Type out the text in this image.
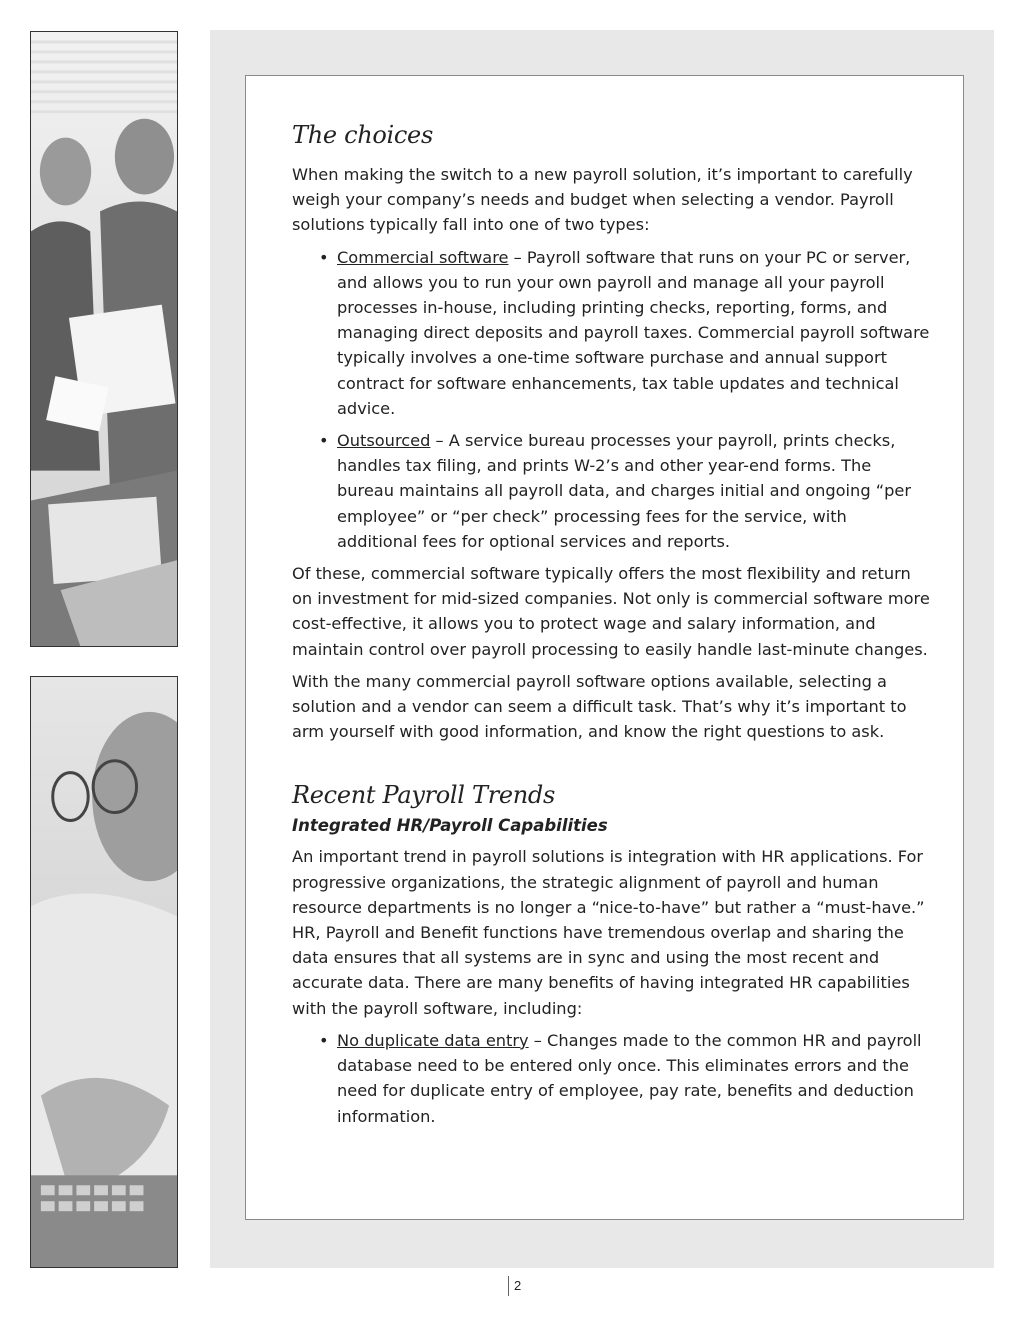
The choices

When making the switch to a new payroll solution, it’s important to carefully weigh your company’s needs and budget when selecting a vendor. Payroll solutions typically fall into one of two types:

• Commercial software – Payroll software that runs on your PC or server, and allows you to run your own payroll and manage all your payroll processes in-house, including printing checks, reporting, forms, and managing direct deposits and payroll taxes. Commercial payroll software typically involves a one-time software purchase and annual support contract for software enhancements, tax table updates and technical advice.
• Outsourced – A service bureau processes your payroll, prints checks, handles tax filing, and prints W-2’s and other year-end forms. The bureau maintains all payroll data, and charges initial and ongoing “per employee” or “per check” processing fees for the service, with additional fees for optional services and reports.

Of these, commercial software typically offers the most flexibility and return on investment for mid-sized companies. Not only is commercial software more cost-effective, it allows you to protect wage and salary information, and maintain control over payroll processing to easily handle last-minute changes.

With the many commercial payroll software options available, selecting a solution and a vendor can seem a difficult task. That’s why it’s important to arm yourself with good information, and know the right questions to ask.

Recent Payroll Trends
Integrated HR/Payroll Capabilities

An important trend in payroll solutions is integration with HR applications. For progressive organizations, the strategic alignment of payroll and human resource departments is no longer a “nice-to-have” but rather a “must-have.” HR, Payroll and Benefit functions have tremendous overlap and sharing the data ensures that all systems are in sync and using the most recent and accurate data. There are many benefits of having integrated HR capabilities with the payroll software, including:

• No duplicate data entry – Changes made to the common HR and payroll database need to be entered only once. This eliminates errors and the need for duplicate entry of employee, pay rate, benefits and deduction information.
2
